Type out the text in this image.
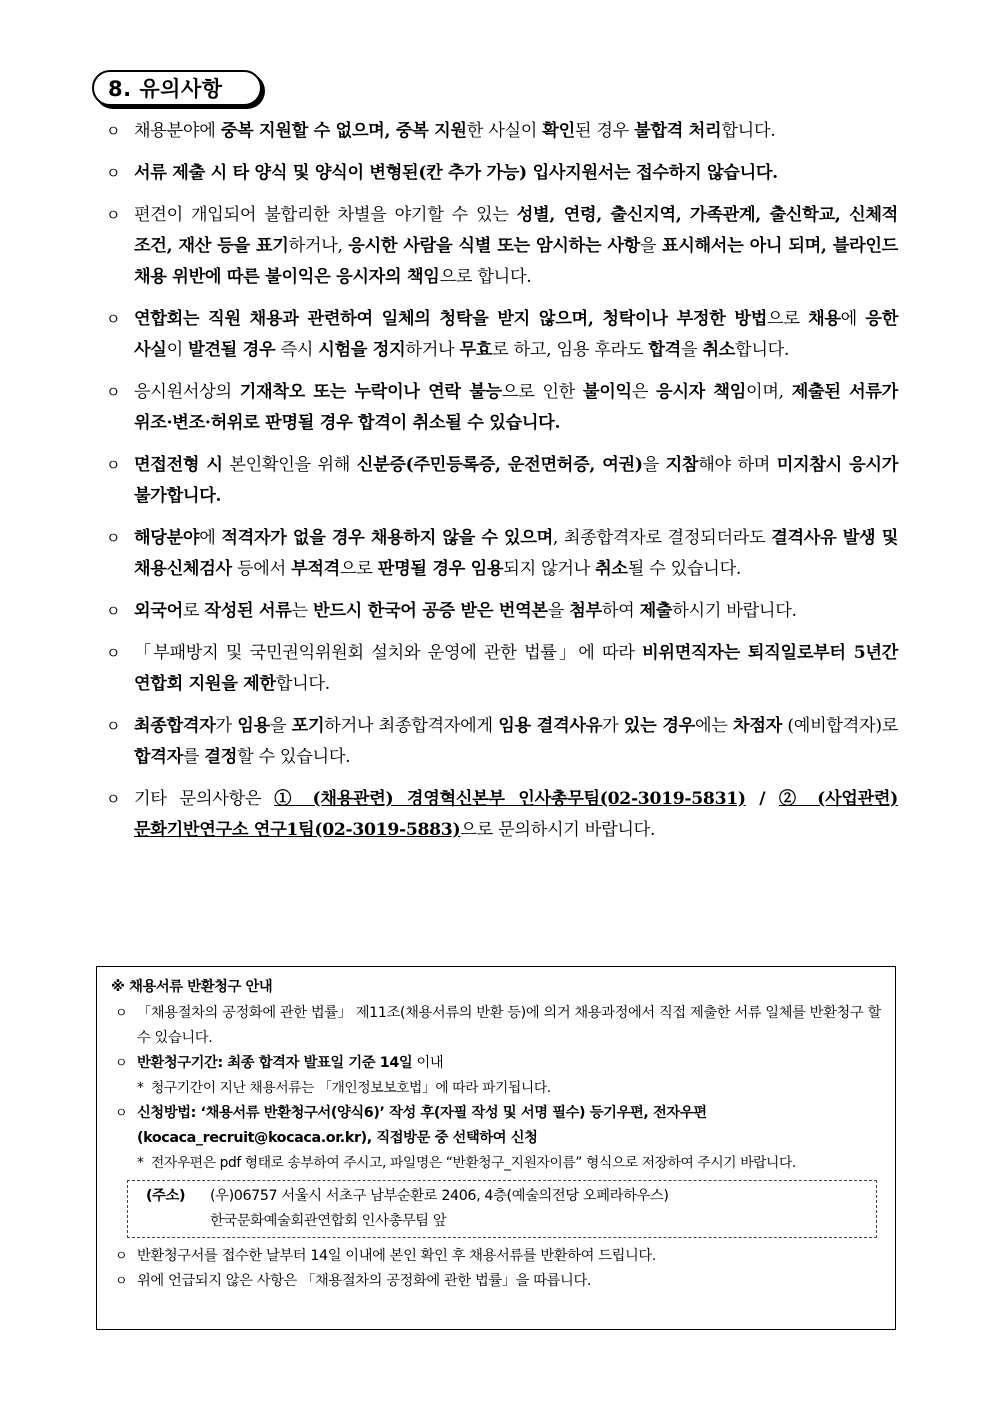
8. 유의사항
ㅇ 채용분야에 중복 지원할 수 없으며, 중복 지원한 사실이 확인된 경우 불합격 처리합니다.
ㅇ 서류 제출 시 타 양식 및 양식이 변형된(칸 추가 가능) 입사지원서는 접수하지 않습니다.
ㅇ 편견이 개입되어 불합리한 차별을 야기할 수 있는 성별, 연령, 출신지역, 가족관계, 출신학교, 신체적 조건, 재산 등을 표기하거나, 응시한 사람을 식별 또는 암시하는 사항을 표시해서는 아니 되며, 블라인드 채용 위반에 따른 불이익은 응시자의 책임으로 합니다.
ㅇ 연합회는 직원 채용과 관련하여 일체의 청탁을 받지 않으며, 청탁이나 부정한 방법으로 채용에 응한 사실이 발견될 경우 즉시 시험을 정지하거나 무효로 하고, 임용 후라도 합격을 취소합니다.
ㅇ 응시원서상의 기재착오 또는 누락이나 연락 불능으로 인한 불이익은 응시자 책임이며, 제출된 서류가 위조·변조·허위로 판명될 경우 합격이 취소될 수 있습니다.
ㅇ 면접전형 시 본인확인을 위해 신분증(주민등록증, 운전면허증, 여권)을 지참해야 하며 미지참시 응시가 불가합니다.
ㅇ 해당분야에 적격자가 없을 경우 채용하지 않을 수 있으며, 최종합격자로 결정되더라도 결격사유 발생 및 채용신체검사 등에서 부적격으로 판명될 경우 임용되지 않거나 취소될 수 있습니다.
ㅇ 외국어로 작성된 서류는 반드시 한국어 공증 받은 번역본을 첨부하여 제출하시기 바랍니다.
ㅇ 「부패방지 및 국민권익위원회 설치와 운영에 관한 법률」에 따라 비위면직자는 퇴직일로부터 5년간 연합회 지원을 제한합니다.
ㅇ 최종합격자가 임용을 포기하거나 최종합격자에게 임용 결격사유가 있는 경우에는 차점자 (예비합격자)로 합격자를 결정할 수 있습니다.
ㅇ 기타 문의사항은 ① (채용관련) 경영혁신본부 인사총무팀(02-3019-5831) / ② (사업관련) 문화기반연구소 연구1팀(02-3019-5883)으로 문의하시기 바랍니다.
※ 채용서류 반환청구 안내
ㅇ 「채용절차의 공정화에 관한 법률」 제11조(채용서류의 반환 등)에 의거 채용과정에서 직접 제출한 서류 일체를 반환청구 할 수 있습니다.
ㅇ 반환청구기간: 최종 합격자 발표일 기준 14일 이내
* 청구기간이 지난 채용서류는 「개인정보보호법」에 따라 파기됩니다.
ㅇ 신청방법: ‘채용서류 반환청구서(양식6)’ 작성 후(자필 작성 및 서명 필수) 등기우편, 전자우편 (kocaca_recruit@kocaca.or.kr), 직접방문 중 선택하여 신청
* 전자우편은 pdf 형태로 송부하여 주시고, 파일명은 “반환청구_지원자이름” 형식으로 저장하여 주시기 바랍니다.
(주소) (우)06757 서울시 서초구 남부순환로 2406, 4층(예술의전당 오페라하우스)
한국문화예술회관연합회 인사총무팀 앞
ㅇ 반환청구서를 접수한 날부터 14일 이내에 본인 확인 후 채용서류를 반환하여 드립니다.
ㅇ 위에 언급되지 않은 사항은 「채용절차의 공정화에 관한 법률」을 따릅니다.
